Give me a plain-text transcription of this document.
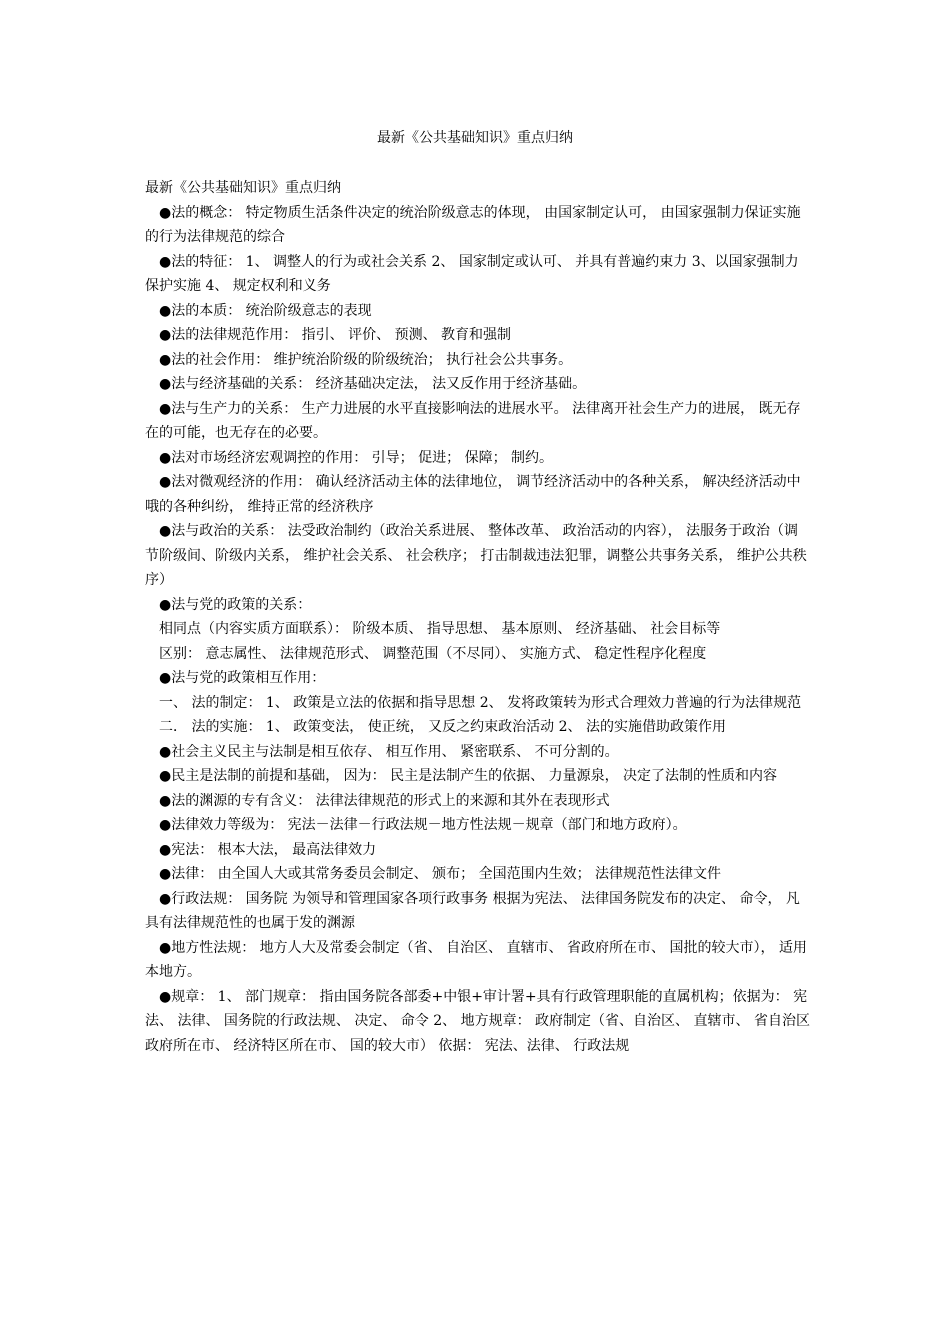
最新《公共基础知识》重点归纳

最新《公共基础知识》重点归纳

●法的概念： 特定物质生活条件决定的统治阶级意志的体现， 由国家制定认可， 由国家强制力保证实施的行为法律规范的综合

●法的特征： 1、 调整人的行为或社会关系 2、 国家制定或认可、 并具有普遍约束力 3、以国家强制力保护实施 4、 规定权利和义务

●法的本质： 统治阶级意志的表现

●法的法律规范作用： 指引、 评价、 预测、 教育和强制

●法的社会作用： 维护统治阶级的阶级统治； 执行社会公共事务。

●法与经济基础的关系： 经济基础决定法， 法又反作用于经济基础。

●法与生产力的关系： 生产力进展的水平直接影响法的进展水平。 法律离开社会生产力的进展， 既无存在的可能，也无存在的必要。

●法对市场经济宏观调控的作用： 引导； 促进； 保障； 制约。

●法对微观经济的作用： 确认经济活动主体的法律地位， 调节经济活动中的各种关系， 解决经济活动中哦的各种纠纷， 维持正常的经济秩序

●法与政治的关系： 法受政治制约（政治关系进展、 整体改革、 政治活动的内容）， 法服务于政治（调节阶级间、阶级内关系， 维护社会关系、 社会秩序； 打击制裁违法犯罪，调整公共事务关系， 维护公共秩序）

●法与党的政策的关系：

相同点（内容实质方面联系）： 阶级本质、 指导思想、 基本原则、 经济基础、 社会目标等

区别： 意志属性、 法律规范形式、 调整范围（不尽同）、 实施方式、 稳定性程序化程度

●法与党的政策相互作用：

一、 法的制定： 1、 政策是立法的依据和指导思想 2、 发将政策转为形式合理效力普遍的行为法律规范

二． 法的实施： 1、 政策变法， 使正统， 又反之约束政治活动 2、 法的实施借助政策作用

●社会主义民主与法制是相互依存、 相互作用、 紧密联系、 不可分割的。

●民主是法制的前提和基础， 因为： 民主是法制产生的依据、 力量源泉， 决定了法制的性质和内容

●法的渊源的专有含义： 法律法律规范的形式上的来源和其外在表现形式

●法律效力等级为： 宪法－法律－行政法规－地方性法规－规章（部门和地方政府）。

●宪法： 根本大法， 最高法律效力

●法律： 由全国人大或其常务委员会制定、 颁布； 全国范围内生效； 法律规范性法律文件

●行政法规： 国务院 为领导和管理国家各项行政事务 根据为宪法、 法律国务院发布的决定、 命令， 凡具有法律规范性的也属于发的渊源

●地方性法规： 地方人大及常委会制定（省、 自治区、 直辖市、 省政府所在市、 国批的较大市）， 适用本地方。

●规章： 1、 部门规章： 指由国务院各部委+中银+审计署+具有行政管理职能的直属机构；依据为： 宪法、 法律、 国务院的行政法规、 决定、 命令 2、 地方规章： 政府制定（省、自治区、 直辖市、 省自治区政府所在市、 经济特区所在市、 国的较大市） 依据： 宪法、法律、 行政法规
